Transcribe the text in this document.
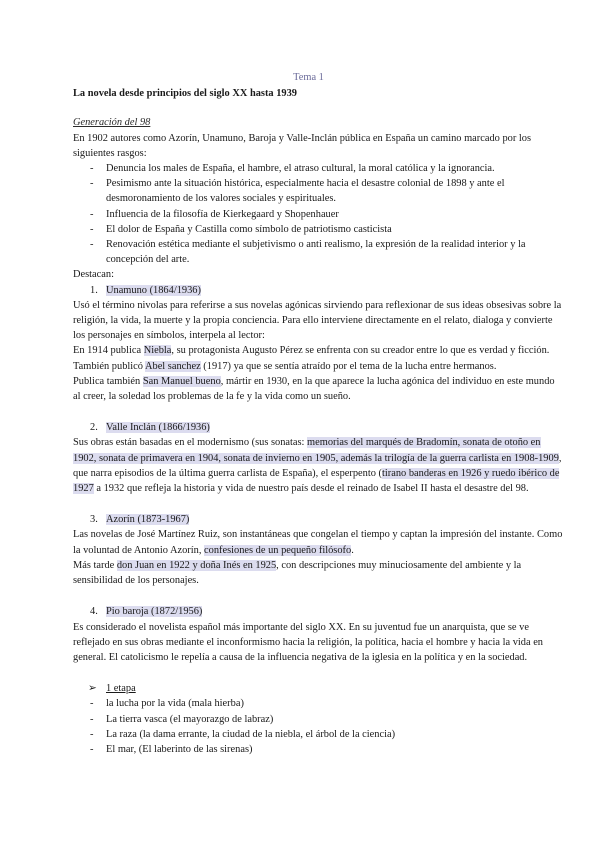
Tema 1
La novela desde principios del siglo XX hasta 1939
Generación del 98

En 1902 autores como Azorín, Unamuno, Baroja y Valle-Inclán pública en España un camino marcado por los siguientes rasgos:

- Denuncia los males de España, el hambre, el atraso cultural, la moral católica y la ignorancia.
- Pesimismo ante la situación histórica, especialmente hacia el desastre colonial de 1898 y ante el desmoronamiento de los valores sociales y espirituales.
- Influencia de la filosofía de Kierkegaard y Shopenhauer
- El dolor de España y Castilla como símbolo de patriotismo casticista
- Renovación estética mediante el subjetivismo o anti realismo, la expresión de la realidad interior y la concepción del arte.

Destacan:

1. Unamuno (1864/1936)

Usó el término nivolas para referirse a sus novelas agónicas sirviendo para reflexionar de sus ideas obsesivas sobre la religión, la vida, la muerte y la propia conciencia. Para ello interviene directamente en el relato, dialoga y convierte los personajes en símbolos, interpela al lector:

En 1914 publica Niebla, su protagonista Augusto Pérez se enfrenta con su creador entre lo que es verdad y ficción.

También publicó Abel sanchez (1917) ya que se sentía atraído por el tema de la lucha entre hermanos.

Publica también San Manuel bueno, mártir en 1930, en la que aparece la lucha agónica del individuo en este mundo al creer, la soledad los problemas de la fe y la vida como un sueño.

2. Valle Inclán (1866/1936)

Sus obras están basadas en el modernismo (sus sonatas: memorias del marqués de Bradomín, sonata de otoño en 1902, sonata de primavera en 1904, sonata de invierno en 1905, además la trilogía de la guerra carlista en 1908-1909, que narra episodios de la última guerra carlista de España), el esperpento (tirano banderas en 1926 y ruedo ibérico de 1927 a 1932 que refleja la historia y vida de nuestro país desde el reinado de Isabel II hasta el desastre del 98.

3. Azorín (1873-1967)

Las novelas de José Martínez Ruiz, son instantáneas que congelan el tiempo y captan la impresión del instante. Como la voluntad de Antonio Azorín, confesiones de un pequeño filósofo.

Más tarde don Juan en 1922 y doña Inés en 1925, con descripciones muy minuciosamente del ambiente y la sensibilidad de los personajes.

4. Pio baroja (1872/1956)

Es considerado el novelista español más importante del siglo XX. En su juventud fue un anarquista, que se ve reflejado en sus obras mediante el inconformismo hacia la religión, la política, hacia el hombre y hacia la vida en general. El catolicismo le repelía a causa de la influencia negativa de la iglesia en la política y en la sociedad.

➢ 1 etapa
- la lucha por la vida (mala hierba)
- La tierra vasca (el mayorazgo de labraz)
- La raza (la dama errante, la ciudad de la niebla, el árbol de la ciencia)
- El mar, (El laberinto de las sirenas)
